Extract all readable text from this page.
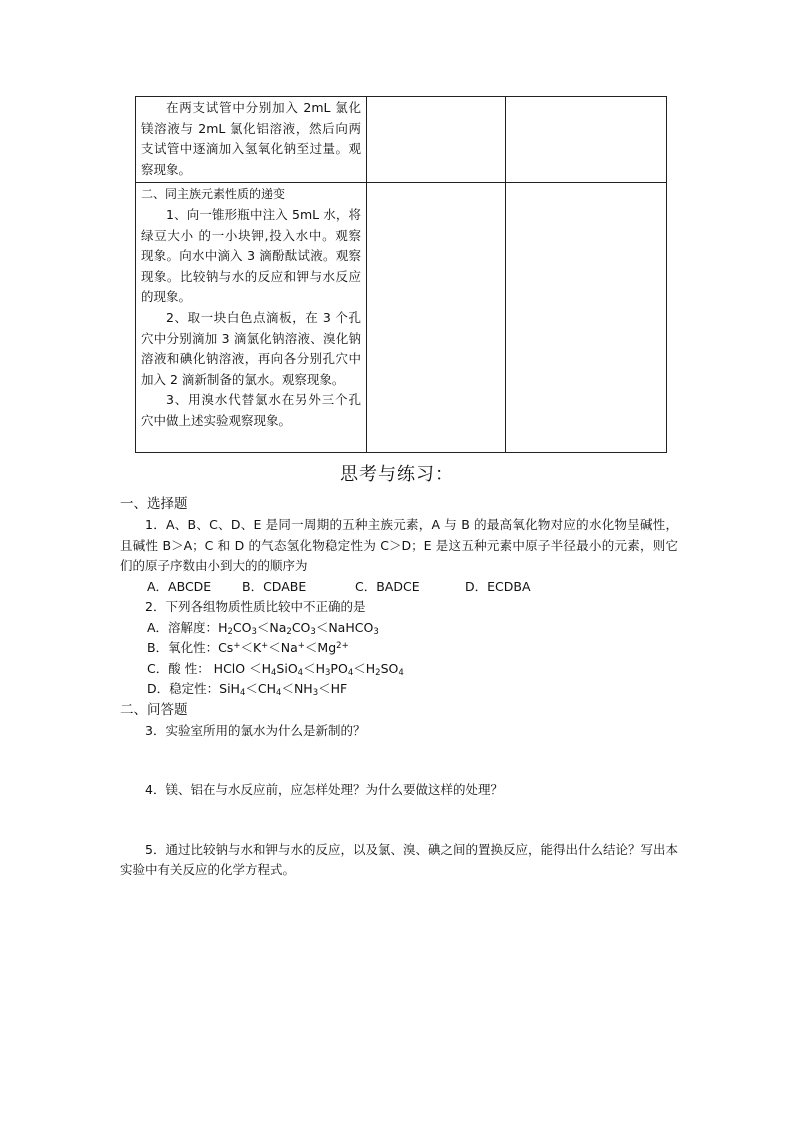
在两支试管中分别加入 2mL 氯化镁溶液与 2mL 氯化铝溶液，然后向两支试管中逐滴加入氢氧化钠至过量。观察现象。		

二、同主族元素性质的递变

1、向一锥形瓶中注入 5mL 水，将绿豆大小 的一小块钾,投入水中。观察现象。向水中滴入 3 滴酚酞试液。观察现象。比较钠与水的反应和钾与水反应的现象。

2、取一块白色点滴板，在 3 个孔穴中分别滴加 3 滴氯化钠溶液、溴化钠溶液和碘化钠溶液，再向各分别孔穴中加入 2 滴新制备的氯水。观察现象。

3、用溴水代替氯水在另外三个孔穴中做上述实验观察现象。		

思考与练习：

一、选择题

1．A、B、C、D、E 是同一周期的五种主族元素，A 与 B 的最高氧化物对应的水化物呈碱性，且碱性 B＞A；C 和 D 的气态氢化物稳定性为 C＞D；E 是这五种元素中原子半径最小的元素，则它们的原子序数由小到大的的顺序为

A．ABCDE	B．CDABE	C．BADCE	D．ECDBA

2．下列各组物质性质比较中不正确的是

A．溶解度：$H_2CO_3<Na_2CO_3<NaHCO_3$

B．氧化性：$Cs^+<K^+<Na^+<Mg^{2+}$

C．酸 性： HClO $<H_4SiO_4<H_3PO_4<H_2SO_4$

D．稳定性：$SiH_4<CH_4<NH_3<HF$

二、问答题

3．实验室所用的氯水为什么是新制的？

4．镁、铝在与水反应前，应怎样处理？为什么要做这样的处理？

5．通过比较钠与水和钾与水的反应，以及氯、溴、碘之间的置换反应，能得出什么结论？写出本实验中有关反应的化学方程式。
